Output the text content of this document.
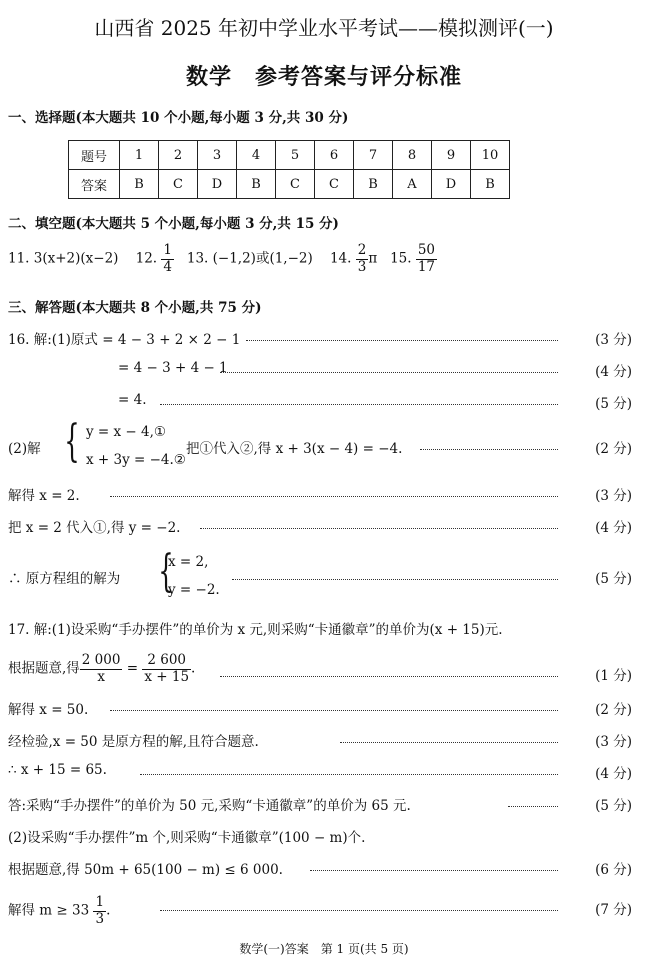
山西省 2025 年初中学业水平考试——模拟测评(一)
数学　参考答案与评分标准
一、选择题(本大题共 10 个小题,每小题 3 分,共 30 分)
题号	1	2	3	4	5	6	7	8	9	10
答案	B	C	D	B	C	C	B	A	D	B
二、填空题(本大题共 5 个小题,每小题 3 分,共 15 分)
11. 3(x+2)(x−2) 12. $\frac{1}{4} 13$. (−1,2)或(1,−2) 14. $\frac{2}{3}$ π 15. $\frac{50}{17}$
三、解答题(本大题共 8 个小题,共 75 分)
16. 解:(1)原式 = 4 − 3 + 2 × 2 − 1	(3 分)
= 4 − 3 + 4 − 1	(4 分)
= 4.	(5 分)
(2)解 { y = x − 4,①
x + 3y = −4.②
把①代入②,得 x + 3(x − 4) = −4.	(2 分)
解得 x = 2.	(3 分)
把 x = 2 代入①,得 y = −2.	(4 分)
∴ 原方程组的解为 {
x = 2,
y = −2.
(5 分)
17. 解:(1)设采购“手办摆件”的单价为 x 元,则采购“卡通徽章”的单价为(x + 15)元.
根据题意,得 $\frac{2 000}{x} = \frac{2 600}{x + 15}$ .	(1 分)
解得 x = 50.	(2 分)
经检验,x = 50 是原方程的解,且符合题意.	(3 分)
∴ x + 15 = 65.	(4 分)
答:采购“手办摆件”的单价为 50 元,采购“卡通徽章”的单价为 65 元.	(5 分)
(2)设采购“手办摆件”m 个,则采购“卡通徽章”(100 − m)个.
根据题意,得 50m + 65(100 − m) ≤ 6 000.	(6 分)
解得 $m \ge 33 \frac{1}{3}$ .	(7 分)
数学(一)答案　第 1 页(共 5 页)
